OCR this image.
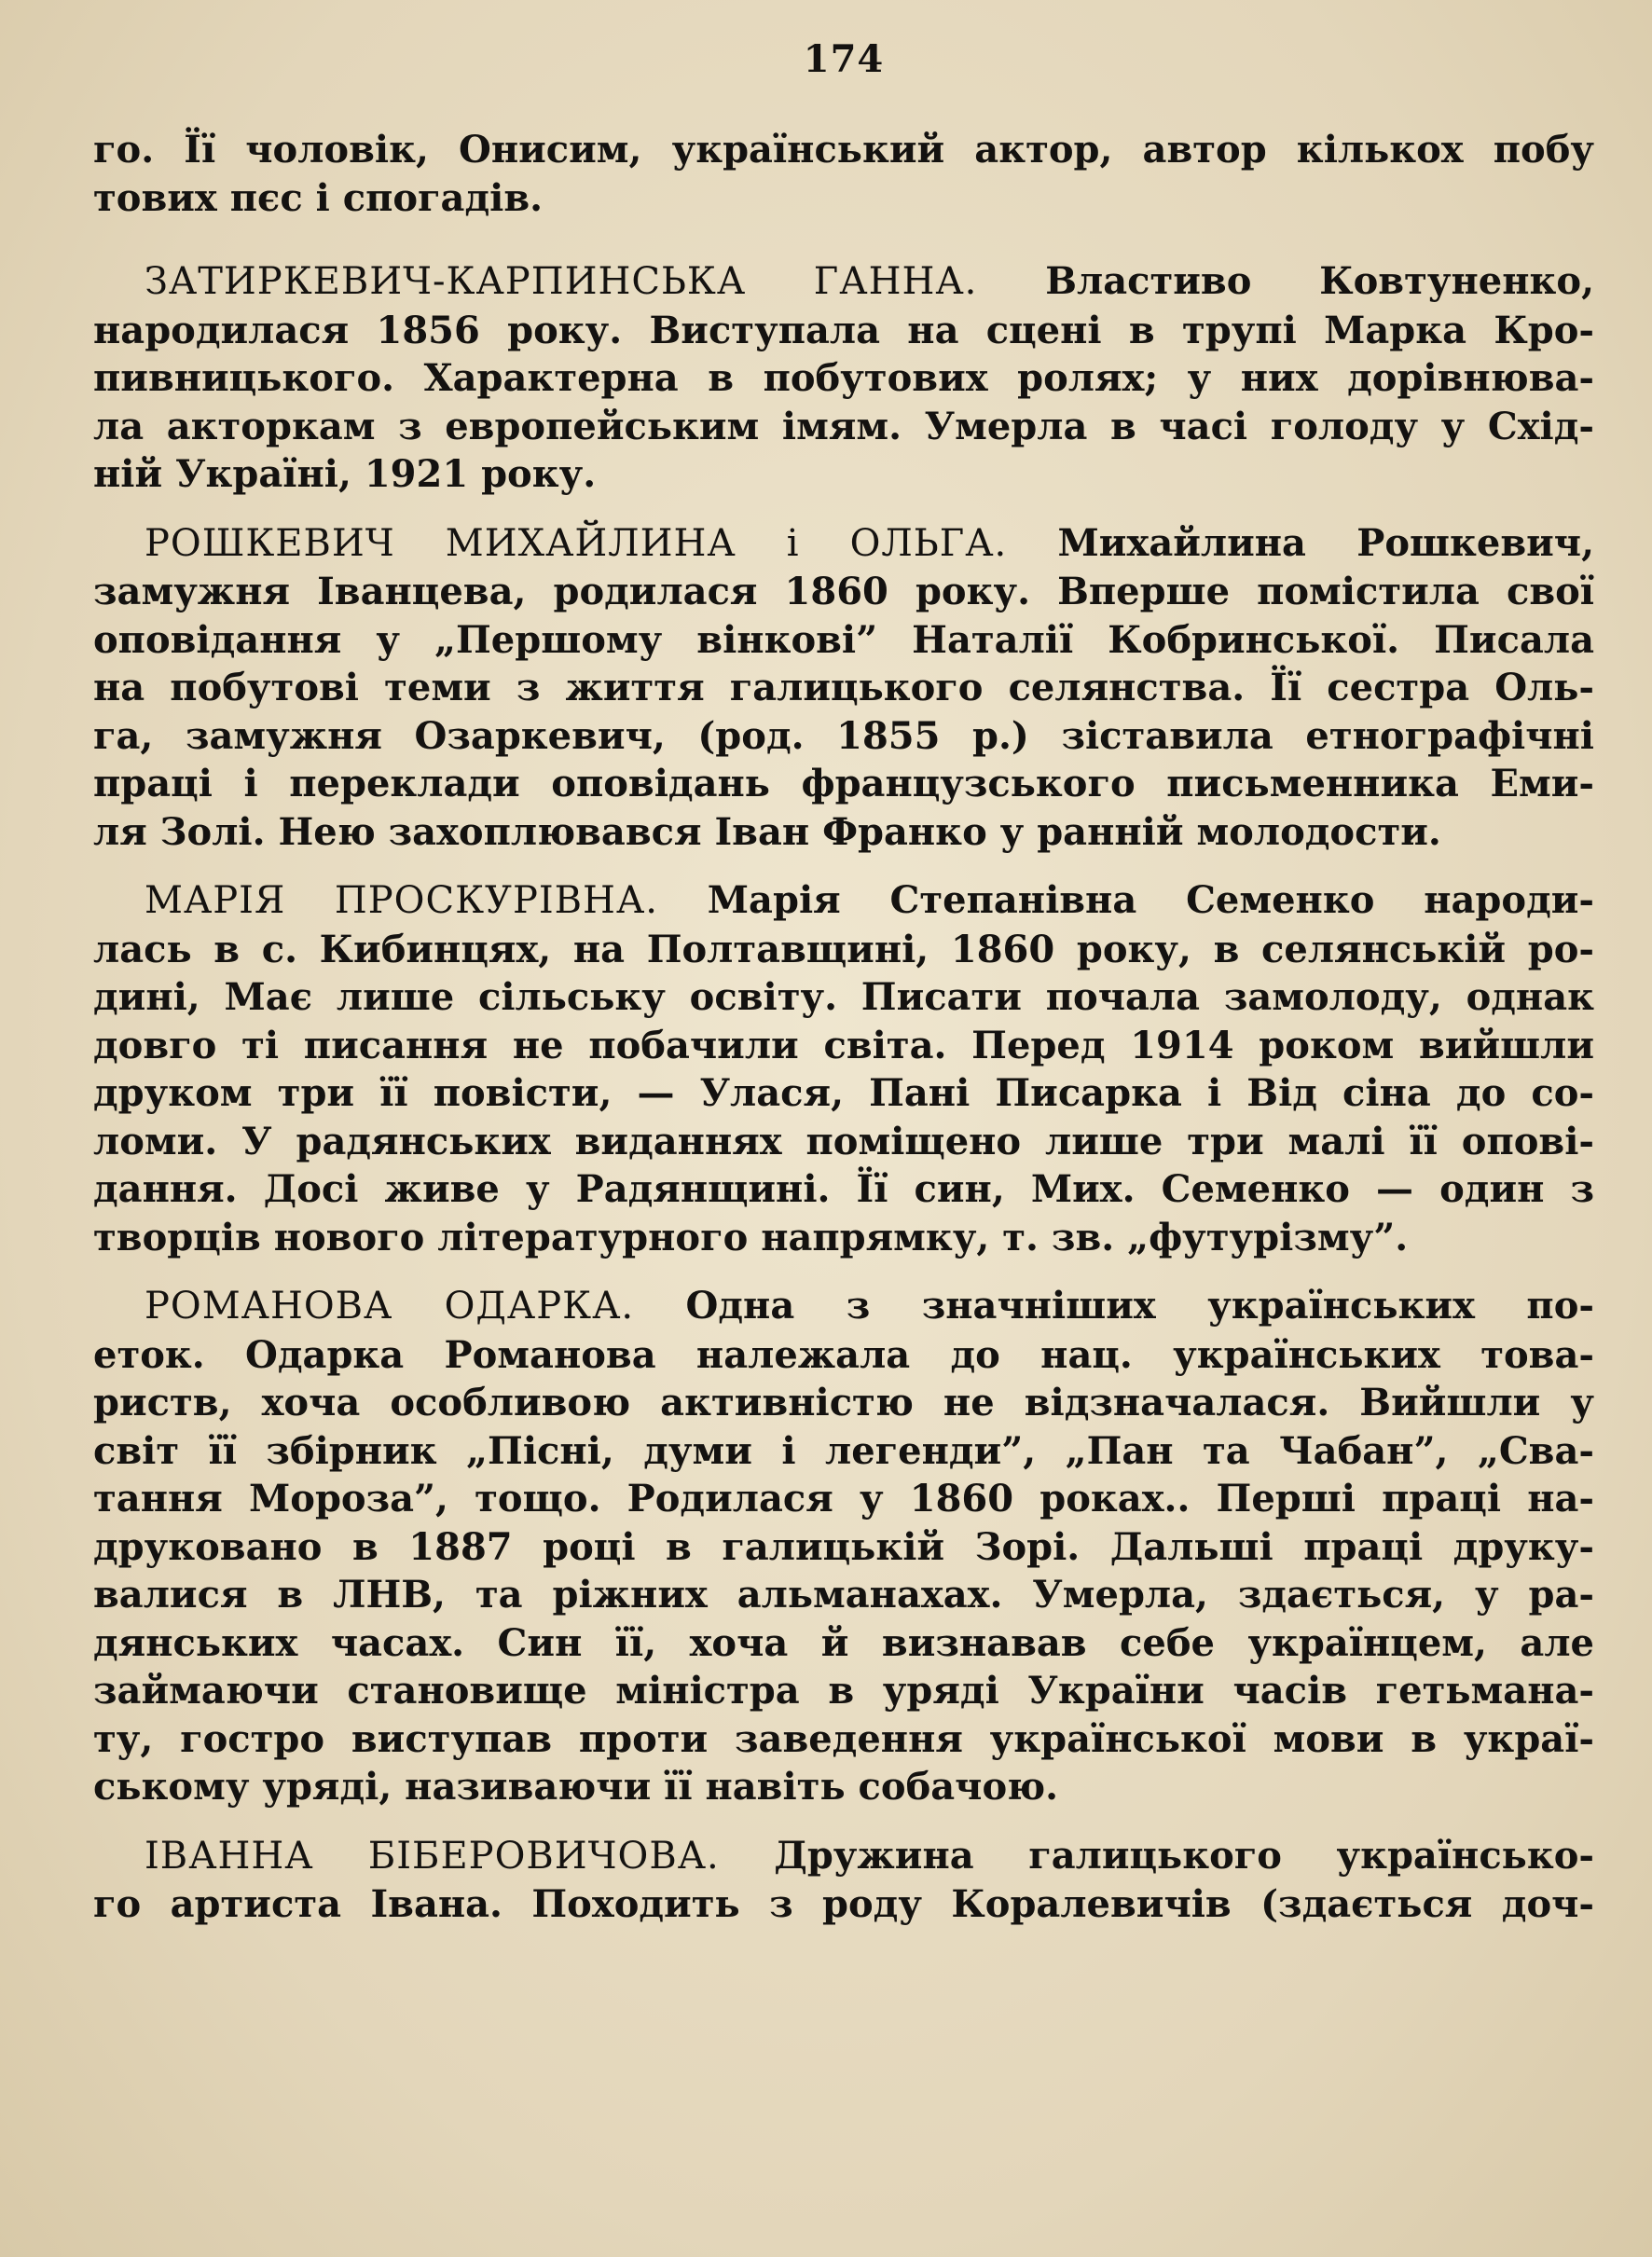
174
го. Її чоловік, Онисим, український актор, автор кількох побу
тових пєс і спогадів.
ЗАТИРКЕВИЧ-КАРПИНСЬКА ГАННА. Властиво Ковтуненко,
народилася 1856 року. Виступала на сцені в трупі Марка Кро-
пивницького. Характерна в побутових ролях; у них дорівнюва-
ла акторкам з европейським імям. Умерла в часі голоду у Схід-
ній Україні, 1921 року.
РОШКЕВИЧ МИХАЙЛИНА і ОЛЬГА. Михайлина Рошкевич,
замужня Іванцева, родилася 1860 року. Вперше помістила свої
оповідання у „Першому вінкові” Наталії Кобринської. Писала
на побутові теми з життя галицького селянства. Її сестра Оль-
га, замужня Озаркевич, (род. 1855 р.) зіставила етнографічні
праці і переклади оповідань французського письменника Еми-
ля Золі. Нею захоплювався Іван Франко у ранній молодости.
МАРІЯ ПРОСКУРІВНА. Марія Степанівна Семенко народи-
лась в с. Кибинцях, на Полтавщині, 1860 року, в селянській ро-
дині, Має лише сільську освіту. Писати почала замолоду, однак
довго ті писання не побачили світа. Перед 1914 роком вийшли
друком три її повісти, — Улася, Пані Писарка і Від сіна до со-
ломи. У радянських виданнях поміщено лише три малі її опові-
дання. Досі живе у Радянщині. Її син, Мих. Семенко — один з
творців нового літературного напрямку, т. зв. „футурізму”.
РОМАНОВА ОДАРКА. Одна з значніших українських по-
еток. Одарка Романова належала до нац. українських това-
риств, хоча особливою активністю не відзначалася. Вийшли у
світ її збірник „Пісні, думи і легенди”, „Пан та Чабан”, „Сва-
тання Мороза”, тощо. Родилася у 1860 роках.. Перші праці на-
друковано в 1887 році в галицькій Зорі. Дальші праці друку-
валися в ЛНВ, та ріжних альманахах. Умерла, здається, у ра-
дянських часах. Син її, хоча й визнавав себе українцем, але
займаючи становище міністра в уряді України часів гетьмана-
ту, гостро виступав проти заведення української мови в украї-
ському уряді, називаючи її навіть собачою.
ІВАННА БІБЕРОВИЧОВА. Дружина галицького українсько-
го артиста Івана. Походить з роду Коралевичів (здається доч-
